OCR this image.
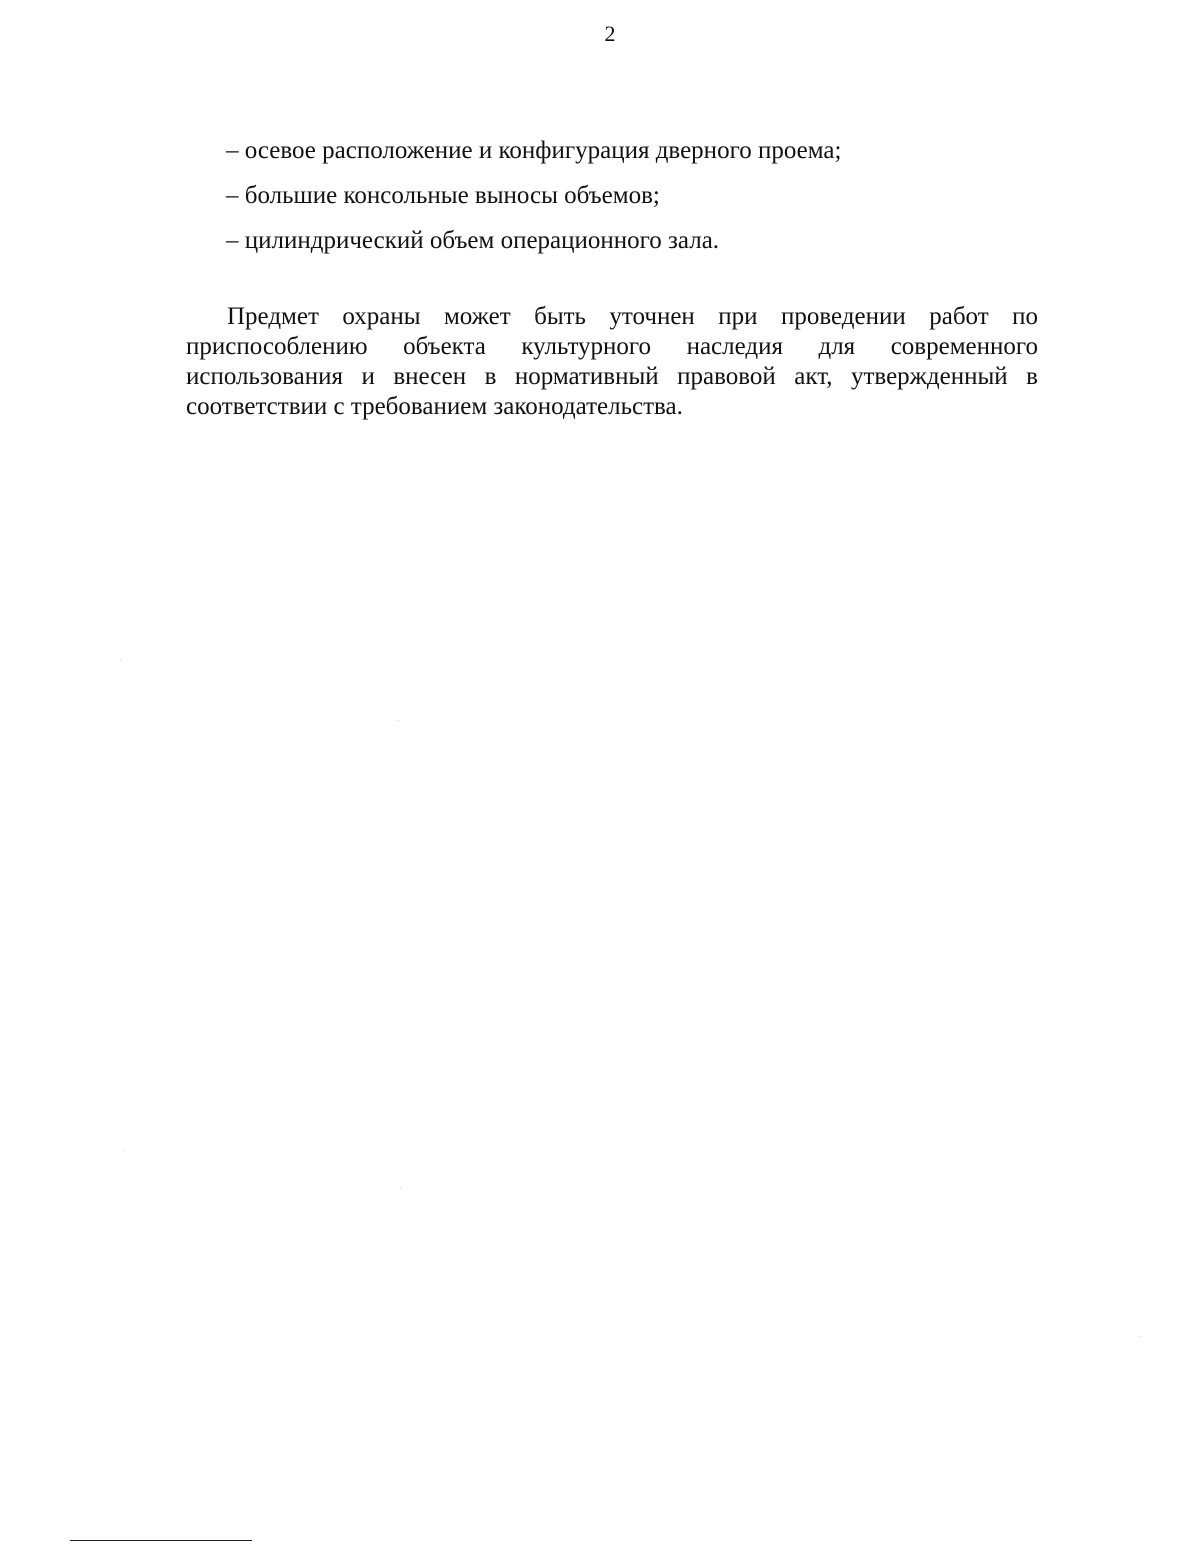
2
– осевое расположение и конфигурация дверного проема;
– большие консольные выносы объемов;
– цилиндрический объем операционного зала.

Предмет охраны может быть уточнен при проведении работ по приспособлению объекта культурного наследия для современного использования и внесен в нормативный правовой акт, утвержденный в соответствии с требованием законодательства.
